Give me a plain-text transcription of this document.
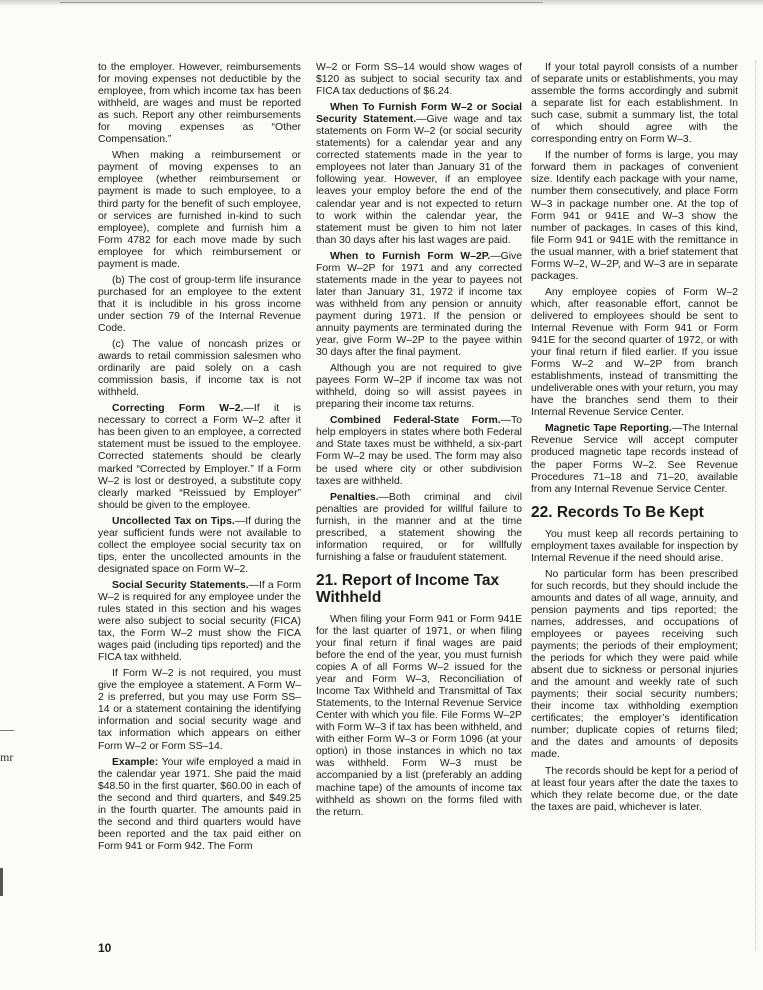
mr

to the employer. However, reimbursements for moving expenses not deductible by the employee, from which income tax has been withheld, are wages and must be reported as such. Report any other reimbursements for moving expenses as “Other Compensation.”

When making a reimbursement or payment of moving expenses to an employee (whether reimbursement or payment is made to such employee, to a third party for the benefit of such employee, or services are furnished in-kind to such employee), complete and furnish him a Form 4782 for each move made by such employee for which reimbursement or payment is made.

(b) The cost of group-term life insurance purchased for an employee to the extent that it is includible in his gross income under section 79 of the Internal Revenue Code.

(c) The value of noncash prizes or awards to retail commission salesmen who ordinarily are paid solely on a cash commission basis, if income tax is not withheld.

Correcting Form W–2.—If it is necessary to correct a Form W–2 after it has been given to an employee, a corrected statement must be issued to the employee. Corrected statements should be clearly marked “Corrected by Employer.” If a Form W–2 is lost or destroyed, a substitute copy clearly marked “Reissued by Employer” should be given to the employee.

Uncollected Tax on Tips.—If during the year sufficient funds were not available to collect the employee social security tax on tips, enter the uncollected amounts in the designated space on Form W–2.

Social Security Statements.—If a Form W–2 is required for any employee under the rules stated in this section and his wages were also subject to social security (FICA) tax, the Form W–2 must show the FICA wages paid (including tips reported) and the FICA tax withheld.

If Form W–2 is not required, you must give the employee a statement. A Form W–2 is preferred, but you may use Form SS–14 or a statement containing the identifying information and social security wage and tax information which appears on either Form W–2 or Form SS–14.

Example: Your wife employed a maid in the calendar year 1971. She paid the maid $48.50 in the first quarter, $60.00 in each of the second and third quarters, and $49.25 in the fourth quarter. The amounts paid in the second and third quarters would have been reported and the tax paid either on Form 941 or Form 942. The Form

W–2 or Form SS–14 would show wages of $120 as subject to social security tax and FICA tax deductions of $6.24.

When To Furnish Form W–2 or Social Security Statement.—Give wage and tax statements on Form W–2 (or social security statements) for a calendar year and any corrected statements made in the year to employees not later than January 31 of the following year. However, if an employee leaves your employ before the end of the calendar year and is not expected to return to work within the calendar year, the statement must be given to him not later than 30 days after his last wages are paid.

When to Furnish Form W–2P.—Give Form W–2P for 1971 and any corrected statements made in the year to payees not later than January 31, 1972 if income tax was withheld from any pension or annuity payment during 1971. If the pension or annuity payments are terminated during the year, give Form W–2P to the payee within 30 days after the final payment.

Although you are not required to give payees Form W–2P if income tax was not withheld, doing so will assist payees in preparing their income tax returns.

Combined Federal-State Form.—To help employers in states where both Federal and State taxes must be withheld, a six-part Form W–2 may be used. The form may also be used where city or other subdivision taxes are withheld.

Penalties.—Both criminal and civil penalties are provided for willful failure to furnish, in the manner and at the time prescribed, a statement showing the information required, or for willfully furnishing a false or fraudulent statement.

21. Report of Income Tax Withheld

When filing your Form 941 or Form 941E for the last quarter of 1971, or when filing your final return if final wages are paid before the end of the year, you must furnish copies A of all Forms W–2 issued for the year and Form W–3, Reconciliation of Income Tax Withheld and Transmittal of Tax Statements, to the Internal Revenue Service Center with which you file. File Forms W–2P with Form W–3 if tax has been withheld, and with either Form W–3 or Form 1096 (at your option) in those instances in which no tax was withheld. Form W–3 must be accompanied by a list (preferably an adding machine tape) of the amounts of income tax withheld as shown on the forms filed with the return.

If your total payroll consists of a number of separate units or establishments, you may assemble the forms accordingly and submit a separate list for each establishment. In such case, submit a summary list, the total of which should agree with the corresponding entry on Form W–3.

If the number of forms is large, you may forward them in packages of convenient size. Identify each package with your name, number them consecutively, and place Form W–3 in package number one. At the top of Form 941 or 941E and W–3 show the number of packages. In cases of this kind, file Form 941 or 941E with the remittance in the usual manner, with a brief statement that Forms W–2, W–2P, and W–3 are in separate packages.

Any employee copies of Form W–2 which, after reasonable effort, cannot be delivered to employees should be sent to Internal Revenue with Form 941 or Form 941E for the second quarter of 1972, or with your final return if filed earlier. If you issue Forms W–2 and W–2P from branch establishments, instead of transmitting the undeliverable ones with your return, you may have the branches send them to their Internal Revenue Service Center.

Magnetic Tape Reporting.—The Internal Revenue Service will accept computer produced magnetic tape records instead of the paper Forms W–2. See Revenue Procedures 71–18 and 71–20, available from any Internal Revenue Service Center.

22. Records To Be Kept

You must keep all records pertaining to employment taxes available for inspection by Internal Revenue if the need should arise.

No particular form has been prescribed for such records, but they should include the amounts and dates of all wage, annuity, and pension payments and tips reported; the names, addresses, and occupations of employees or payees receiving such payments; the periods of their employment; the periods for which they were paid while absent due to sickness or personal injuries and the amount and weekly rate of such payments; their social security numbers; their income tax withholding exemption certificates; the employer’s identification number; duplicate copies of returns filed; and the dates and amounts of deposits made.

The records should be kept for a period of at least four years after the date the taxes to which they relate become due, or the date the taxes are paid, whichever is later.

10
